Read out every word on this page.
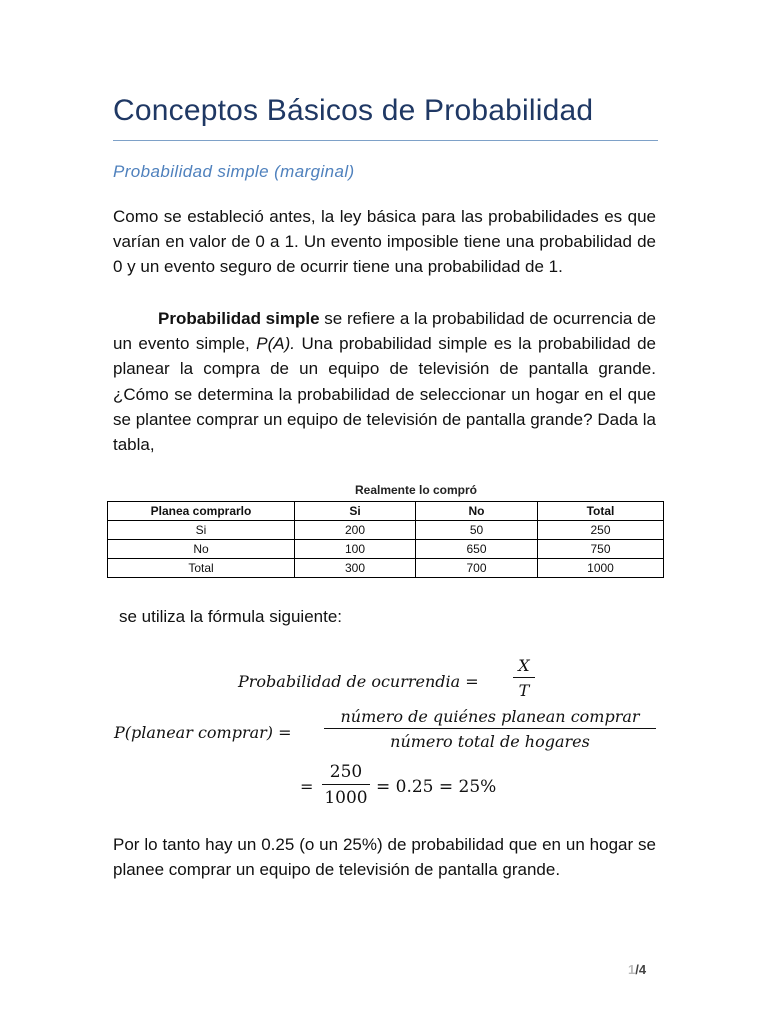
Conceptos Básicos de Probabilidad
Probabilidad simple (marginal)
Como se estableció antes, la ley básica para las probabilidades es que varían en valor de 0 a 1. Un evento imposible tiene una probabilidad de 0 y un evento seguro de ocurrir tiene una probabilidad de 1.
Probabilidad simple se refiere a la probabilidad de ocurrencia de un evento simple, P(A). Una probabilidad simple es la probabilidad de planear la compra de un equipo de televisión de pantalla grande. ¿Cómo se determina la probabilidad de seleccionar un hogar en el que se plantee comprar un equipo de televisión de pantalla grande? Dada la tabla,
Realmente lo compró
Planea comprarlo	Si	No	Total
Si	200	50	250
No	100	650	750
Total	300	700	1000
se utiliza la fórmula siguiente:
Probabilidad de ocurrendia =
X
T
P(planear comprar) =
número de quiénes planean comprar
número total de hogares
=
250
1000
= 0.25 = 25%
Por lo tanto hay un 0.25 (o un 25%) de probabilidad que en un hogar se planee comprar un equipo de televisión de pantalla grande.
1/4
